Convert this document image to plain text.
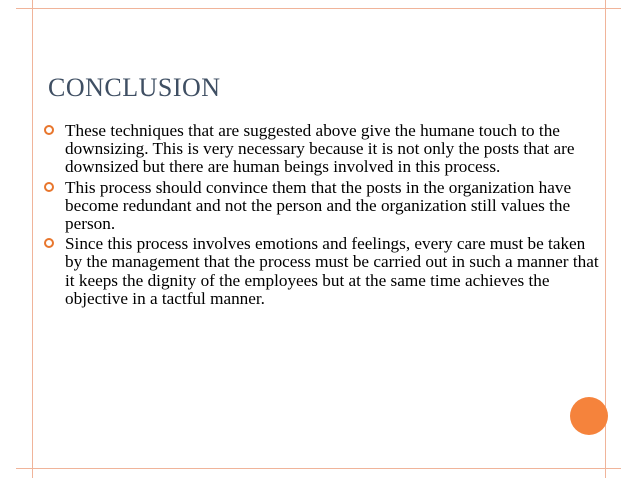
CONCLUSION
These techniques that are suggested above give the humane touch to the downsizing. This is very necessary because it is not only the posts that are downsized but there are human beings involved in this process.
This process should convince them that the posts in the organization have become redundant and not the person and the organization still values the person.
Since this process involves emotions and feelings, every care must be taken by the management that the process must be carried out in such a manner that it keeps the dignity of the employees but at the same time achieves the objective in a tactful manner.
